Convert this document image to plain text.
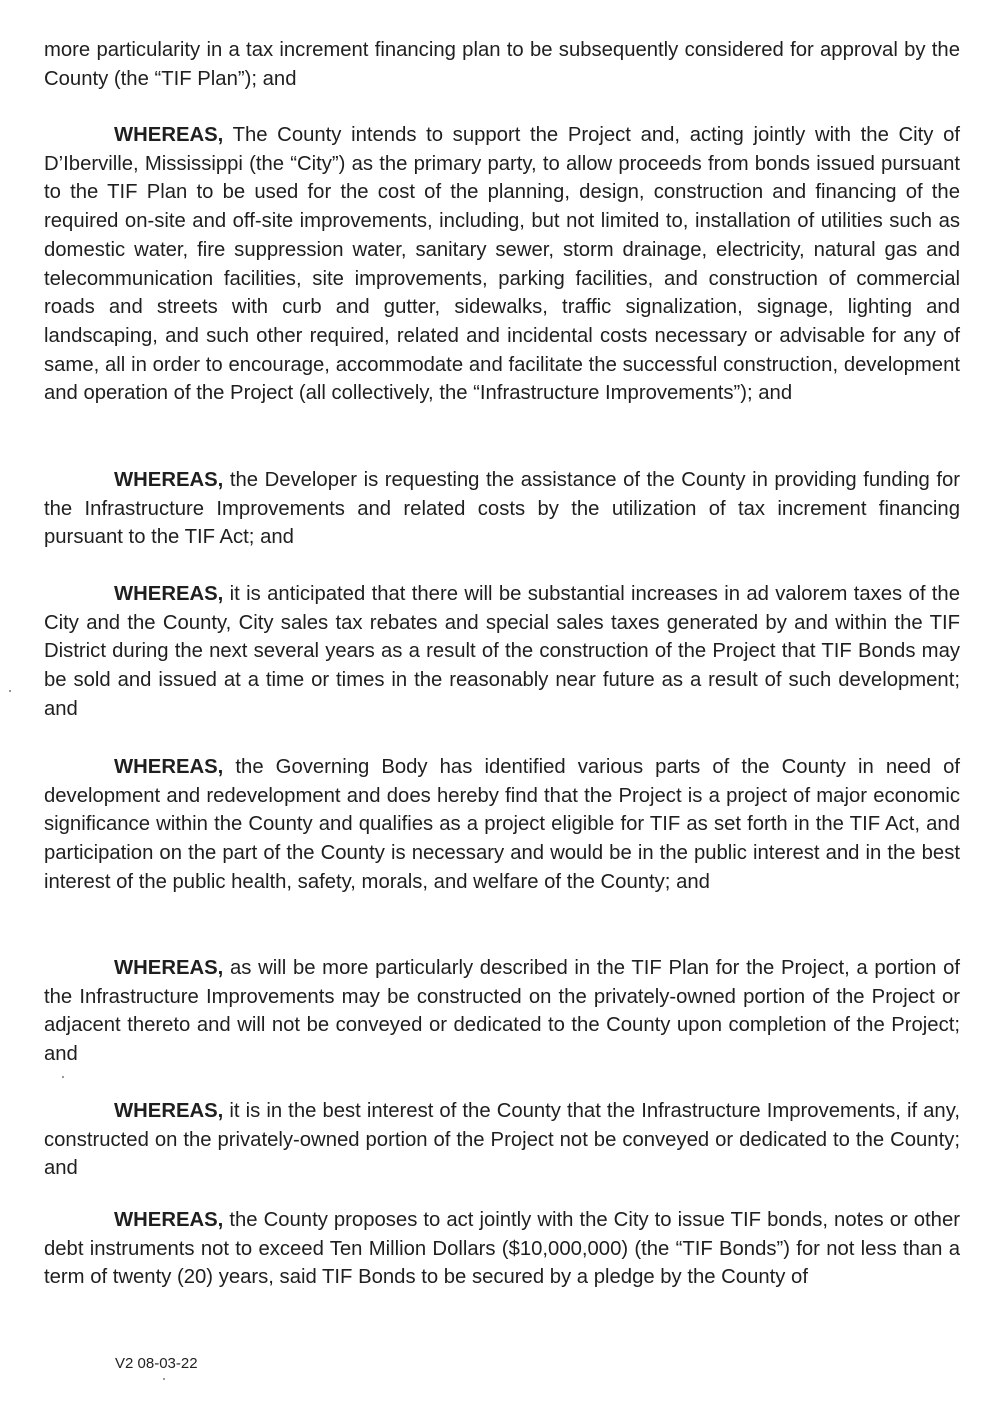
more particularity in a tax increment financing plan to be subsequently considered for approval by the County (the “TIF Plan”); and

WHEREAS, The County intends to support the Project and, acting jointly with the City of D’Iberville, Mississippi (the “City”) as the primary party, to allow proceeds from bonds issued pursuant to the TIF Plan to be used for the cost of the planning, design, construction and financing of the required on-site and off-site improvements, including, but not limited to, installation of utilities such as domestic water, fire suppression water, sanitary sewer, storm drainage, electricity, natural gas and telecommunication facilities, site improvements, parking facilities, and construction of commercial roads and streets with curb and gutter, sidewalks, traffic signalization, signage, lighting and landscaping, and such other required, related and incidental costs necessary or advisable for any of same, all in order to encourage, accommodate and facilitate the successful construction, development and operation of the Project (all collectively, the “Infrastructure Improvements”); and

WHEREAS, the Developer is requesting the assistance of the County in providing funding for the Infrastructure Improvements and related costs by the utilization of tax increment financing pursuant to the TIF Act; and

WHEREAS, it is anticipated that there will be substantial increases in ad valorem taxes of the City and the County, City sales tax rebates and special sales taxes generated by and within the TIF District during the next several years as a result of the construction of the Project that TIF Bonds may be sold and issued at a time or times in the reasonably near future as a result of such development; and

WHEREAS, the Governing Body has identified various parts of the County in need of development and redevelopment and does hereby find that the Project is a project of major economic significance within the County and qualifies as a project eligible for TIF as set forth in the TIF Act, and participation on the part of the County is necessary and would be in the public interest and in the best interest of the public health, safety, morals, and welfare of the County; and

WHEREAS, as will be more particularly described in the TIF Plan for the Project, a portion of the Infrastructure Improvements may be constructed on the privately-owned portion of the Project or adjacent thereto and will not be conveyed or dedicated to the County upon completion of the Project; and

WHEREAS, it is in the best interest of the County that the Infrastructure Improvements, if any, constructed on the privately-owned portion of the Project not be conveyed or dedicated to the County; and

WHEREAS, the County proposes to act jointly with the City to issue TIF bonds, notes or other debt instruments not to exceed Ten Million Dollars ($10,000,000) (the “TIF Bonds”) for not less than a term of twenty (20) years, said TIF Bonds to be secured by a pledge by the County of

V2 08-03-22
